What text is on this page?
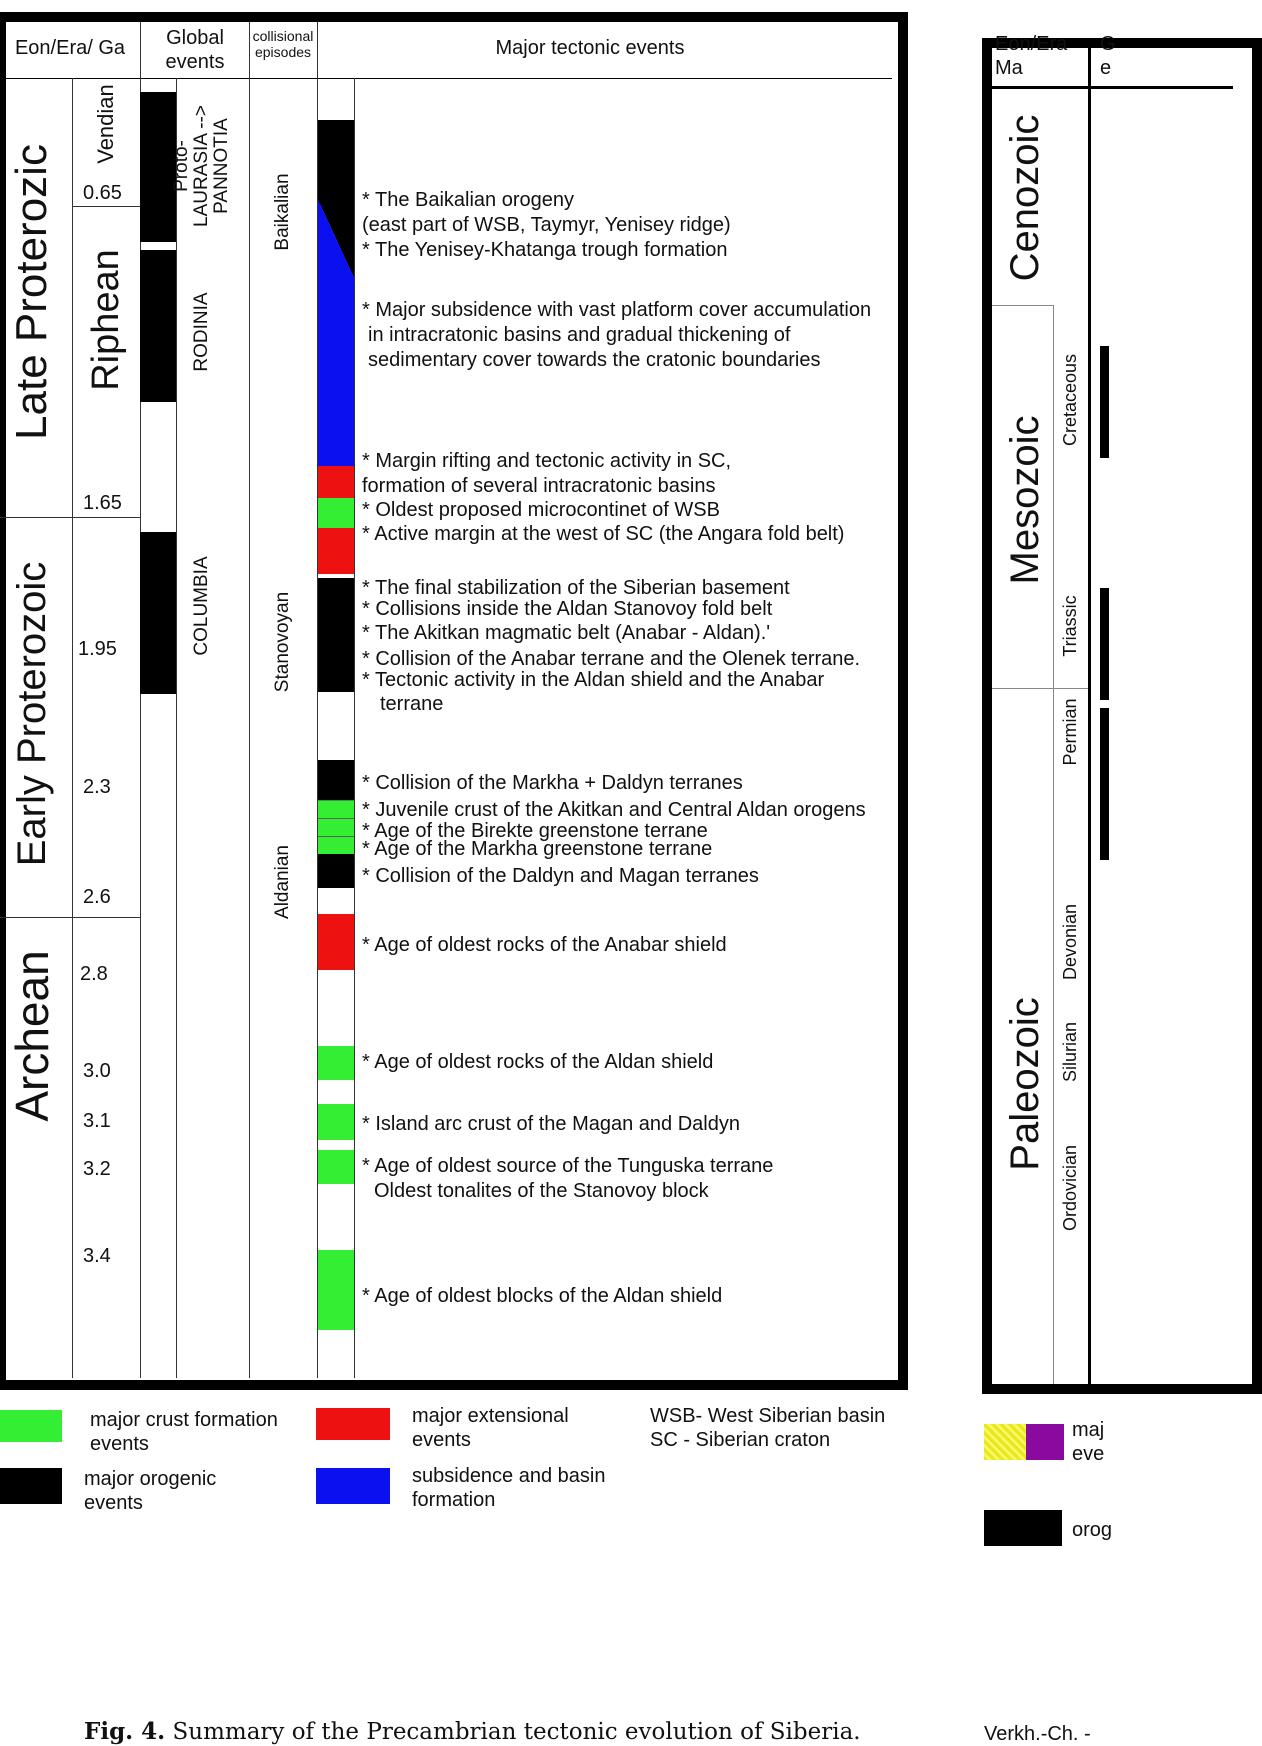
Eon/Era/ Ga	Global events
collisional episodes	Major tectonic events
Late Proterozic
Early Proterozoic
Archean
Vendian
Riphean
0.65
1.65
1.95
2.3
2.6
2.8
3.0
3.1
3.2
3.4
Proto-LAURASIA --> PANNOTIA
RODINIA
COLUMBIA
Baikalian
Stanovoyan
Aldanian
* The Baikalian orogeny
(east part of WSB, Taymyr, Yenisey ridge)
* The Yenisey-Khatanga trough formation
* Major subsidence with vast platform cover accumulation
in intracratonic basins and gradual thickening of
sedimentary cover towards the cratonic boundaries
* Margin rifting and tectonic activity in SC,
formation of several intracratonic basins
* Oldest proposed microcontinet of WSB
* Active margin at the west of SC (the Angara fold belt)
* The final stabilization of the Siberian basement
* Collisions inside the Aldan Stanovoy fold belt
* The Akitkan magmatic belt (Anabar - Aldan).'
* Collision of the Anabar terrane and the Olenek terrane.
* Tectonic activity in the Aldan shield and the Anabar
terrane
* Collision of the Markha + Daldyn terranes
* Juvenile crust of the Akitkan and Central Aldan orogens
* Age of the Birekte greenstone terrane
* Age of the Markha greenstone terrane
* Collision of the Daldyn and Magan terranes
* Age of oldest rocks of the Anabar shield
* Age of oldest rocks of the Aldan shield
* Island arc crust of the Magan and Daldyn
* Age of oldest source of the Tunguska terrane
Oldest tonalites of the Stanovoy block
* Age of oldest blocks of the Aldan shield
major crust formation events
major extensional events
WSB- West Siberian basin
SC - Siberian craton
major orogenic events
subsidence and basin formation
Fig. 4. Summary of the Precambrian tectonic evolution of Siberia.
Eon/Era Ma
G e
Cenozoic
Mesozoic
Paleozoic
Cretaceous
Triassic
Permian
Devonian
Silurian
Ordovician
maj eve
orog
Verkh.-Ch. -
